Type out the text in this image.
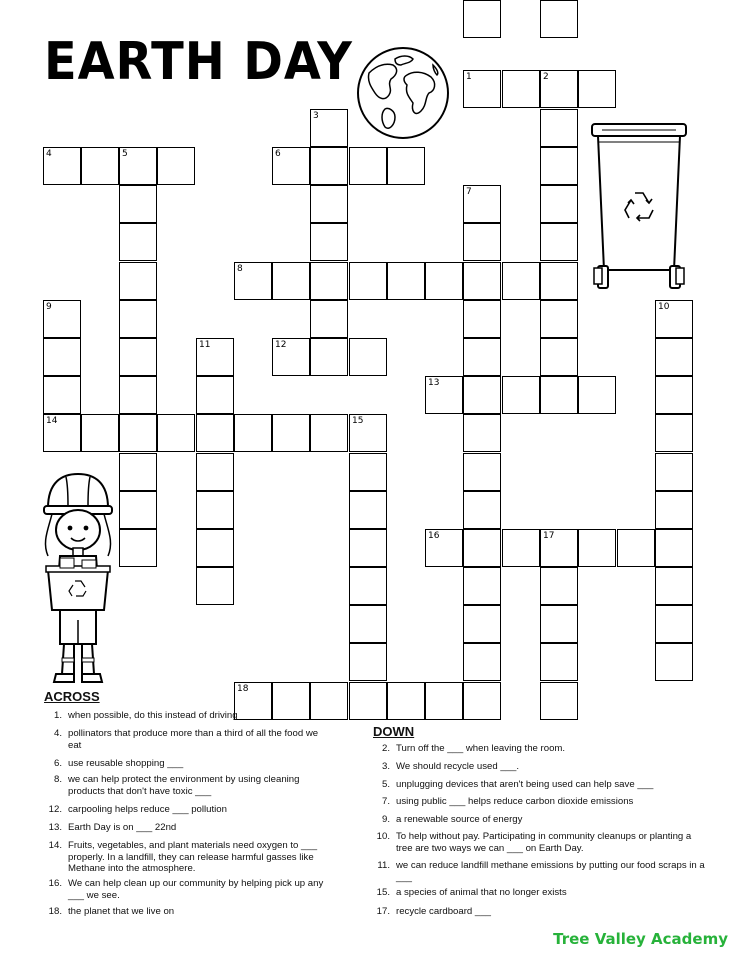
EARTH DAY	1	2
3
4	5	6
7
8
9	10
11	12
13
14	15
16	17
18
ACROSS
1. when possible, do this instead of driving
4. pollinators that produce more than a third of all the food we eat
6. use reusable shopping ___
8. we can help protect the environment by using cleaning products that don't have toxic ___
12. carpooling helps reduce ___ pollution
13. Earth Day is on ___ 22nd
14. Fruits, vegetables, and plant materials need oxygen to ___ properly. In a landfill, they can release harmful gasses like Methane into the atmosphere.
16. We can help clean up our community by helping pick up any ___ we see.
18. the planet that we live on
DOWN
2. Turn off the ___ when leaving the room.
3. We should recycle used ___.
5. unplugging devices that aren't being used can help save ___
7. using public ___ helps reduce carbon dioxide emissions
9. a renewable source of energy
10. To help without pay. Participating in community cleanups or planting a tree are two ways we can ___ on Earth Day.
11. we can reduce landfill methane emissions by putting our food scraps in a ___
15. a species of animal that no longer exists
17. recycle cardboard ___
Tree Valley Academy
